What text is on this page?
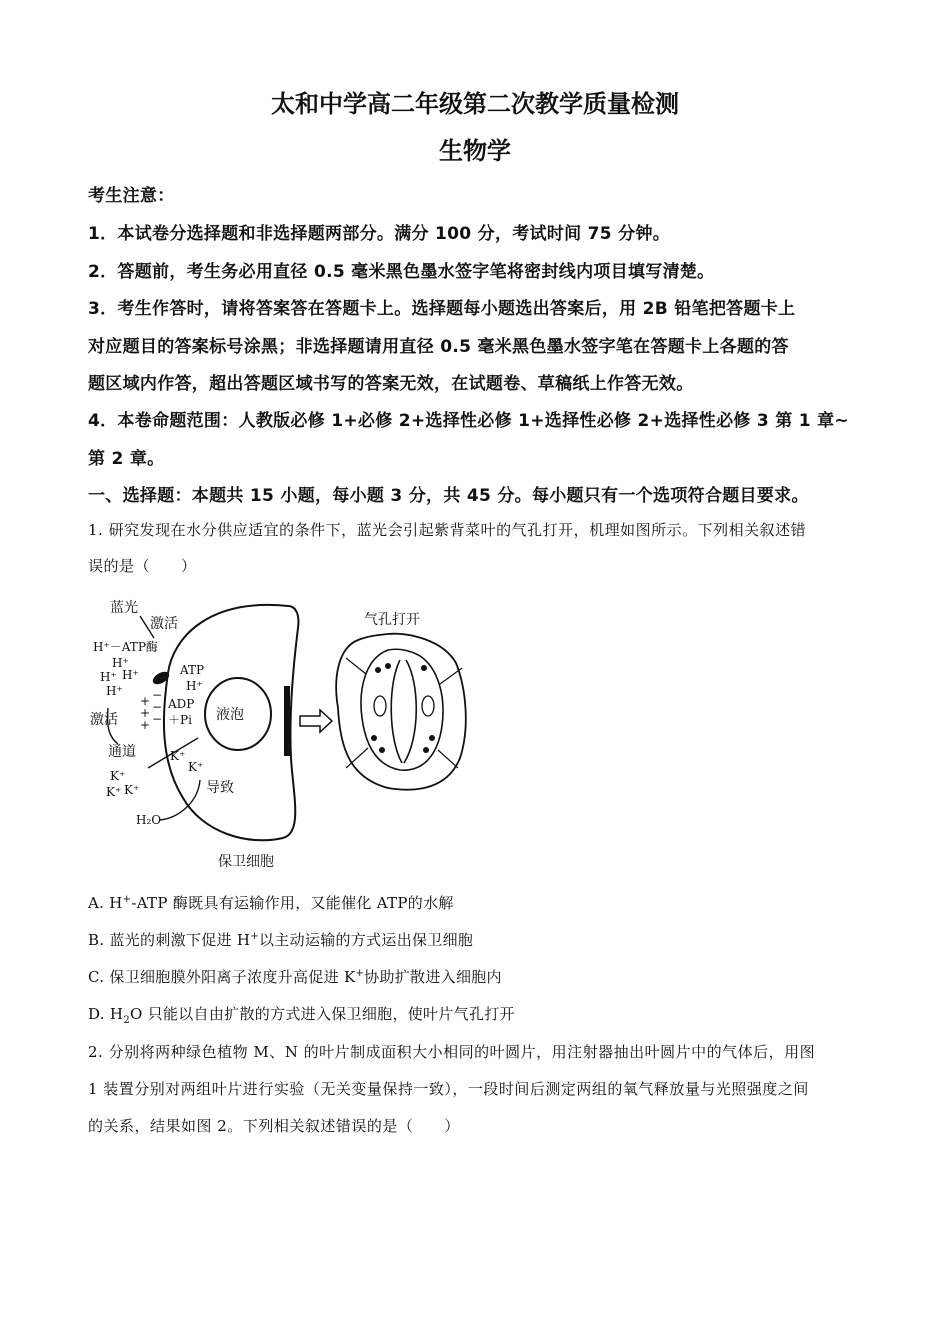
太和中学高二年级第二次教学质量检测
生物学
考生注意：
1．本试卷分选择题和非选择题两部分。满分 100 分，考试时间 75 分钟。
2．答题前，考生务必用直径 0.5 毫米黑色墨水签字笔将密封线内项目填写清楚。
3．考生作答时，请将答案答在答题卡上。选择题每小题选出答案后，用 2B 铅笔把答题卡上
对应题目的答案标号涂黑；非选择题请用直径 0.5 毫米黑色墨水签字笔在答题卡上各题的答
题区域内作答，超出答题区域书写的答案无效，在试题卷、草稿纸上作答无效。
4．本卷命题范围：人教版必修 1+必修 2+选择性必修 1+选择性必修 2+选择性必修 3 第 1 章~
第 2 章。
一、选择题：本题共 15 小题，每小题 3 分，共 45 分。每小题只有一个选项符合题目要求。
1. 研究发现在水分供应适宜的条件下，蓝光会引起紫背菜叶的气孔打开，机理如图所示。下列相关叙述错
误的是（　　）
液泡
蓝光
激活
H⁺－ATP酶
H⁺
H⁺ H⁺
H⁺
ATP
H⁺
ADP
＋Pi
+
+
+
−
−
−
激活
通道	K⁺
K⁺
K⁺
K⁺ K⁺	导致
H₂O
保卫细胞
气孔打开
A. H+-ATP 酶既具有运输作用，又能催化 ATP的水解
B. 蓝光的刺激下促进 H+以主动运输的方式运出保卫细胞
C. 保卫细胞膜外阳离子浓度升高促进 K+协助扩散进入细胞内
D. $H_2O$ 只能以自由扩散的方式进入保卫细胞，使叶片气孔打开
2. 分别将两种绿色植物 M、N 的叶片制成面积大小相同的叶圆片，用注射器抽出叶圆片中的气体后，用图
1 装置分别对两组叶片进行实验（无关变量保持一致），一段时间后测定两组的氧气释放量与光照强度之间
的关系，结果如图 2。下列相关叙述错误的是（　　）
